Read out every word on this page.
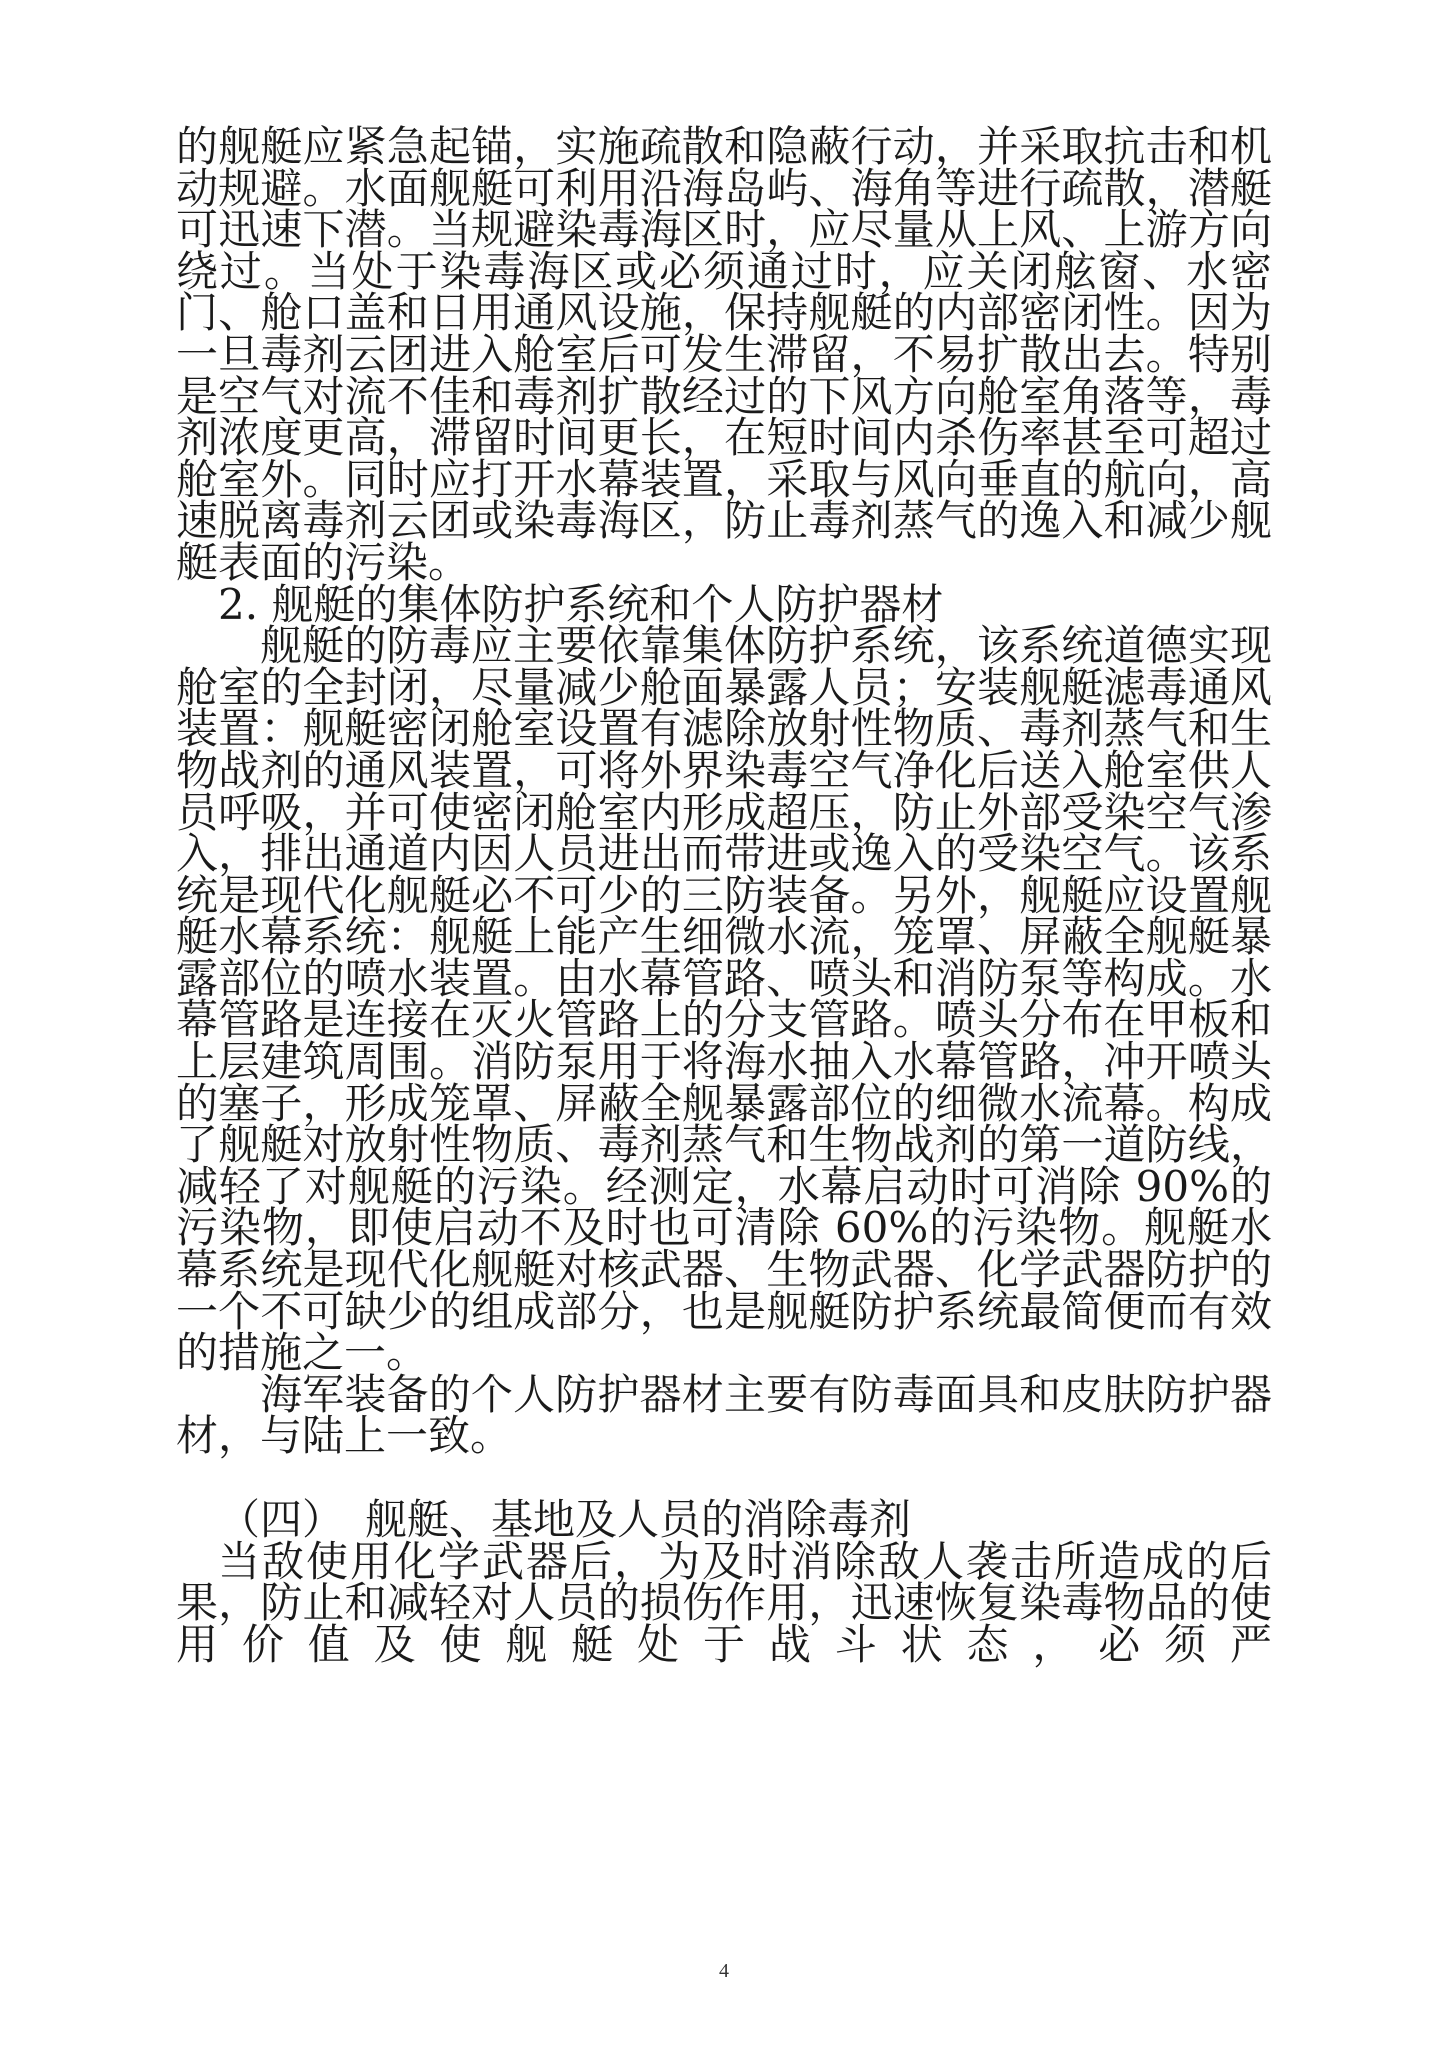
的舰艇应紧急起锚，实施疏散和隐蔽行动，并采取抗击和机动规避。水面舰艇可利用沿海岛屿、海角等进行疏散，潜艇可迅速下潜。当规避染毒海区时，应尽量从上风、上游方向绕过。当处于染毒海区或必须通过时，应关闭舷窗、水密门、舱口盖和日用通风设施，保持舰艇的内部密闭性。因为一旦毒剂云团进入舱室后可发生滞留，不易扩散出去。特别是空气对流不佳和毒剂扩散经过的下风方向舱室角落等，毒剂浓度更高，滞留时间更长，在短时间内杀伤率甚至可超过舱室外。同时应打开水幕装置，采取与风向垂直的航向，高速脱离毒剂云团或染毒海区，防止毒剂蒸气的逸入和减少舰艇表面的污染。

2. 舰艇的集体防护系统和个人防护器材

舰艇的防毒应主要依靠集体防护系统，该系统道德实现舱室的全封闭，尽量减少舱面暴露人员；安装舰艇滤毒通风装置：舰艇密闭舱室设置有滤除放射性物质、毒剂蒸气和生物战剂的通风装置，可将外界染毒空气净化后送入舱室供人员呼吸，并可使密闭舱室内形成超压，防止外部受染空气渗入，排出通道内因人员进出而带进或逸入的受染空气。该系统是现代化舰艇必不可少的三防装备。另外，舰艇应设置舰艇水幕系统：舰艇上能产生细微水流，笼罩、屏蔽全舰艇暴露部位的喷水装置。由水幕管路、喷头和消防泵等构成。水幕管路是连接在灭火管路上的分支管路。喷头分布在甲板和上层建筑周围。消防泵用于将海水抽入水幕管路，冲开喷头的塞子，形成笼罩、屏蔽全舰暴露部位的细微水流幕。构成了舰艇对放射性物质、毒剂蒸气和生物战剂的第一道防线，减轻了对舰艇的污染。经测定，水幕启动时可消除 90%的污染物，即使启动不及时也可清除 60%的污染物。舰艇水幕系统是现代化舰艇对核武器、生物武器、化学武器防护的一个不可缺少的组成部分，也是舰艇防护系统最简便而有效的措施之一。

海军装备的个人防护器材主要有防毒面具和皮肤防护器材，与陆上一致。

（四）　舰艇、基地及人员的消除毒剂

当敌使用化学武器后，为及时消除敌人袭击所造成的后果，防止和减轻对人员的损伤作用，迅速恢复染毒物品的使用价值及使舰艇处于战斗状态，必须严

4
